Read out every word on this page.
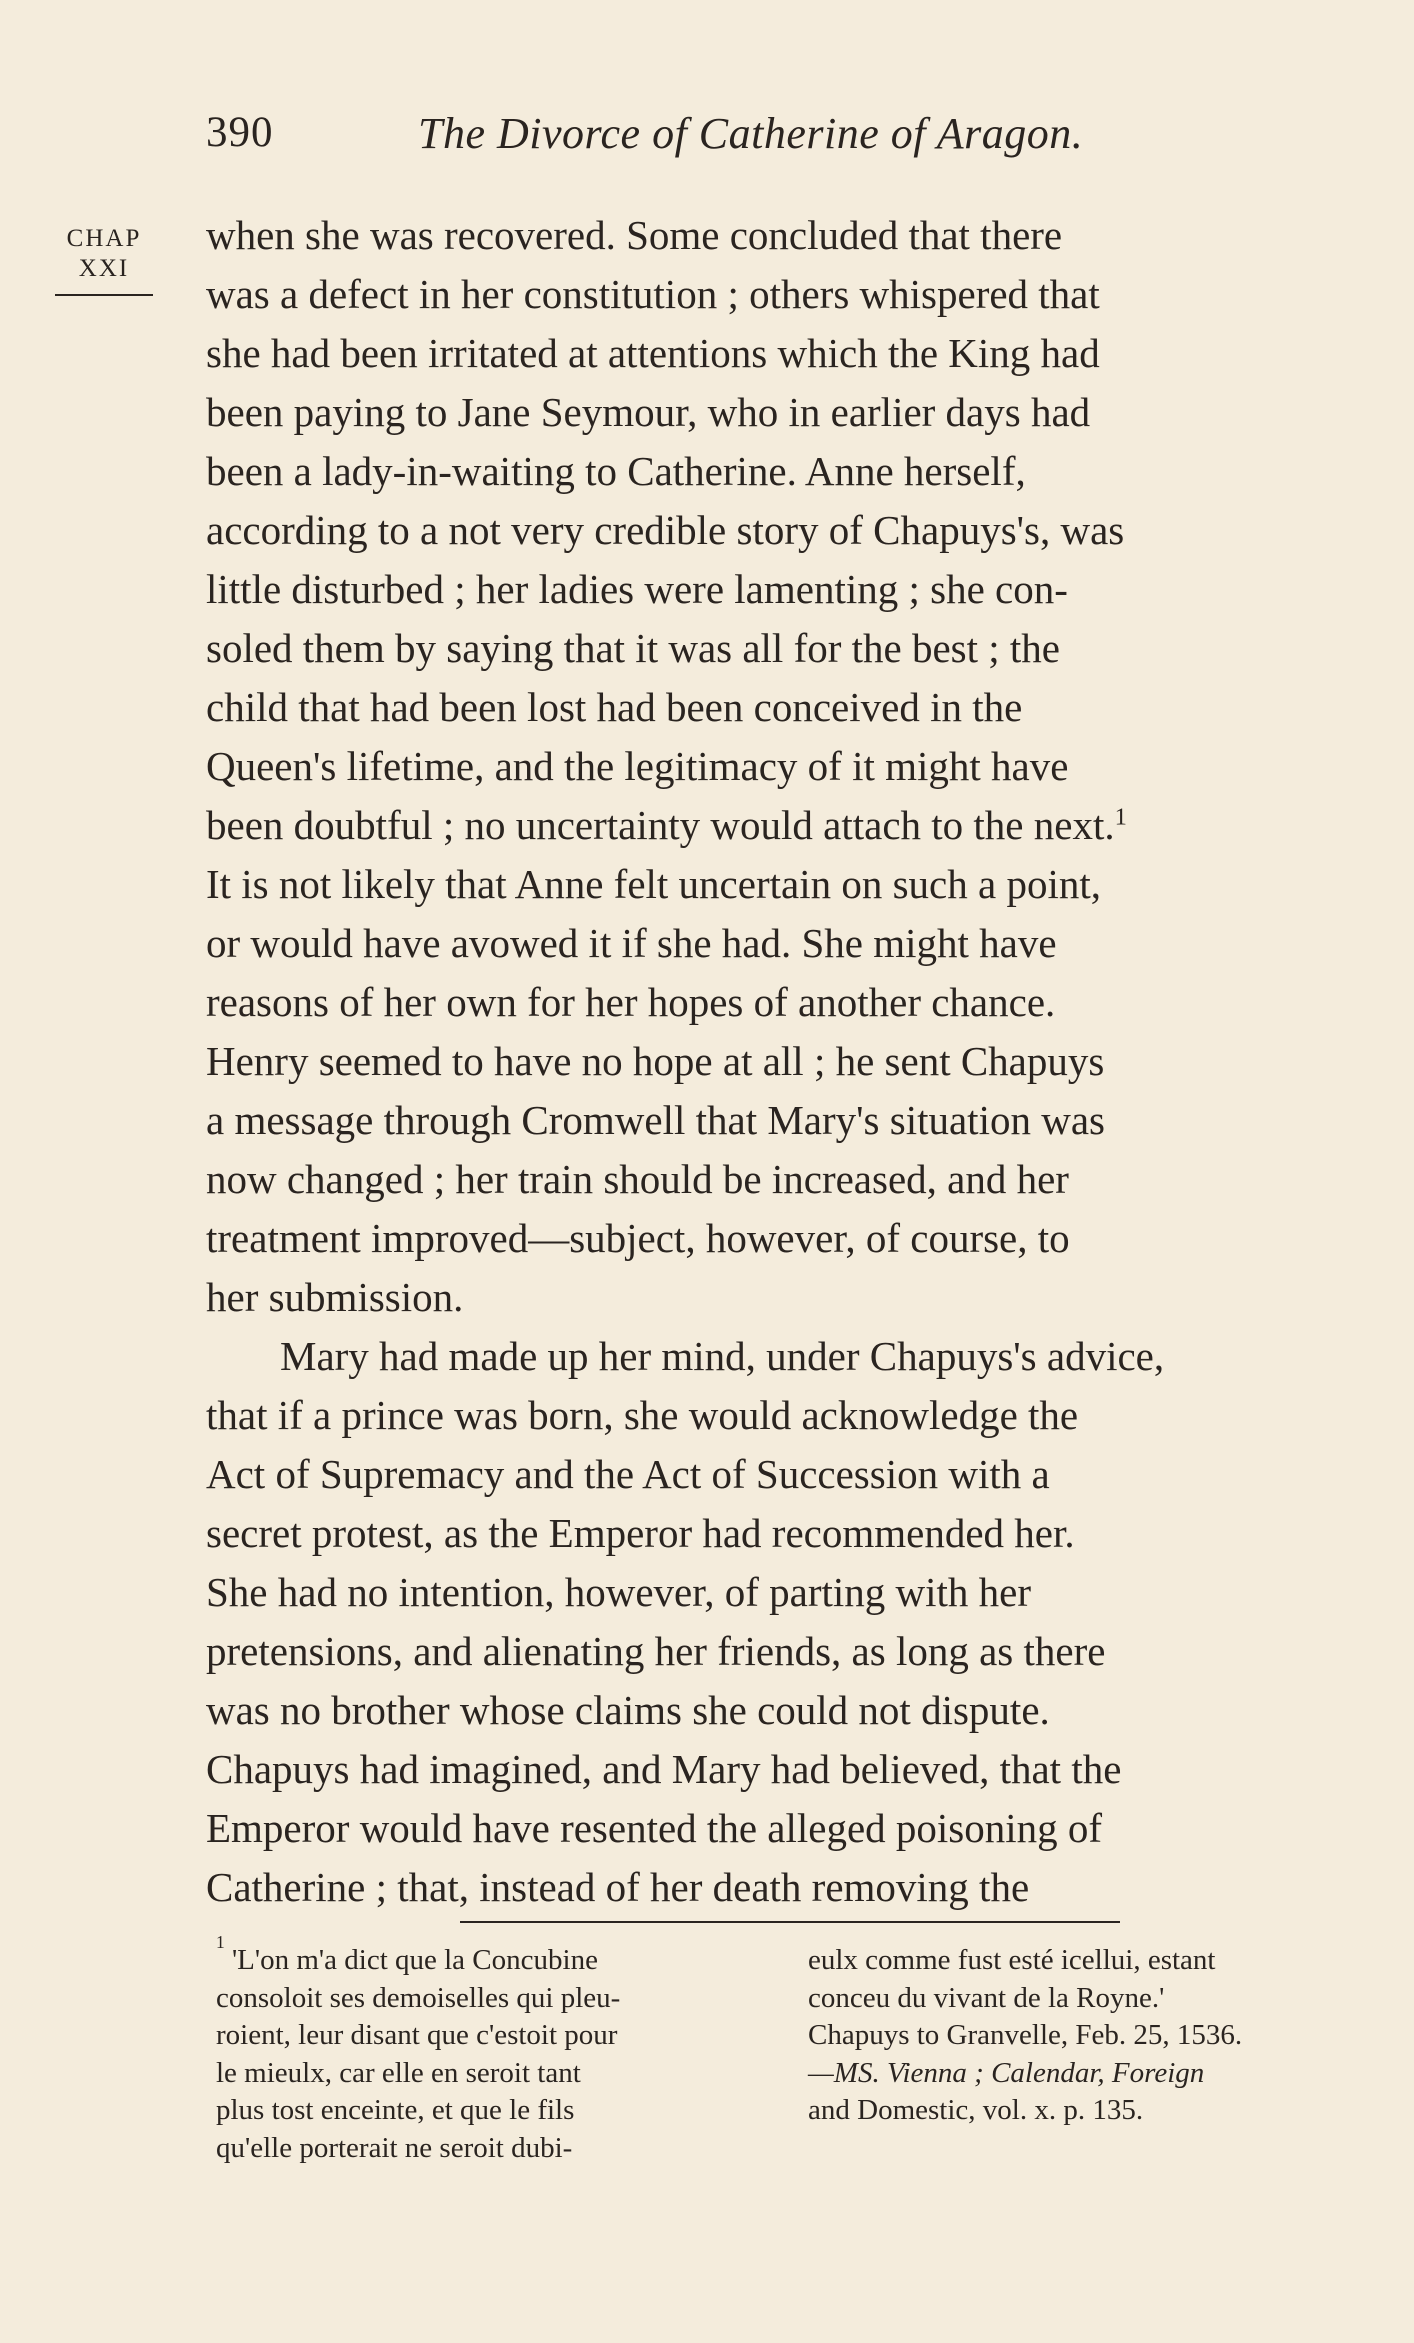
390	The Divorce of Catherine of Aragon.
CHAP
XXI
when she was recovered. Some concluded that there
was a defect in her constitution ; others whispered that
she had been irritated at attentions which the King had
been paying to Jane Seymour, who in earlier days had
been a lady-in-waiting to Catherine. Anne herself,
according to a not very credible story of Chapuys's, was
little disturbed ; her ladies were lamenting ; she con-
soled them by saying that it was all for the best ; the
child that had been lost had been conceived in the
Queen's lifetime, and the legitimacy of it might have
been doubtful ; no uncertainty would attach to the next.$^1$
It is not likely that Anne felt uncertain on such a point,
or would have avowed it if she had. She might have
reasons of her own for her hopes of another chance.
Henry seemed to have no hope at all ; he sent Chapuys
a message through Cromwell that Mary's situation was
now changed ; her train should be increased, and her
treatment improved—subject, however, of course, to
her submission.
Mary had made up her mind, under Chapuys's advice,
that if a prince was born, she would acknowledge the
Act of Supremacy and the Act of Succession with a
secret protest, as the Emperor had recommended her.
She had no intention, however, of parting with her
pretensions, and alienating her friends, as long as there
was no brother whose claims she could not dispute.
Chapuys had imagined, and Mary had believed, that the
Emperor would have resented the alleged poisoning of
Catherine ; that, instead of her death removing the
1

'L'on m'a dict que la Concubine
consoloit ses demoiselles qui pleu-
roient, leur disant que c'estoit pour
le mieulx, car elle en seroit tant
plus tost enceinte, et que le fils
qu'elle porterait ne seroit dubi-
eulx comme fust esté icellui, estant
conceu du vivant de la Royne.'
Chapuys to Granvelle, Feb. 25, 1536.
—MS. Vienna ; Calendar, Foreign
and Domestic, vol. x. p. 135.
